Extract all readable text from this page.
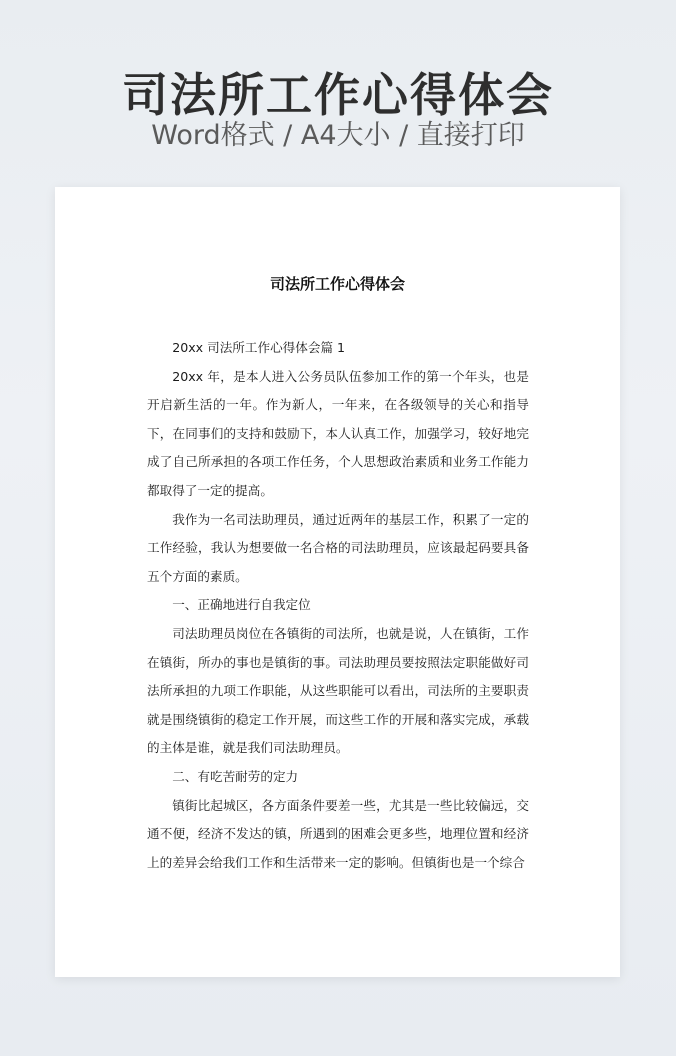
司法所工作心得体会
Word格式 / A4大小 / 直接打印
司法所工作心得体会

20xx 司法所工作心得体会篇 1

20xx 年，是本人进入公务员队伍参加工作的第一个年头，也是开启新生活的一年。作为新人，一年来，在各级领导的关心和指导下，在同事们的支持和鼓励下，本人认真工作，加强学习，较好地完成了自己所承担的各项工作任务，个人思想政治素质和业务工作能力都取得了一定的提高。

我作为一名司法助理员，通过近两年的基层工作，积累了一定的工作经验，我认为想要做一名合格的司法助理员，应该最起码要具备五个方面的素质。

一、正确地进行自我定位

司法助理员岗位在各镇街的司法所，也就是说，人在镇街，工作在镇街，所办的事也是镇街的事。司法助理员要按照法定职能做好司法所承担的九项工作职能，从这些职能可以看出，司法所的主要职责就是围绕镇街的稳定工作开展，而这些工作的开展和落实完成，承载的主体是谁，就是我们司法助理员。

二、有吃苦耐劳的定力

镇街比起城区，各方面条件要差一些，尤其是一些比较偏远，交通不便，经济不发达的镇，所遇到的困难会更多些，地理位置和经济上的差异会给我们工作和生活带来一定的影响。但镇街也是一个综合
